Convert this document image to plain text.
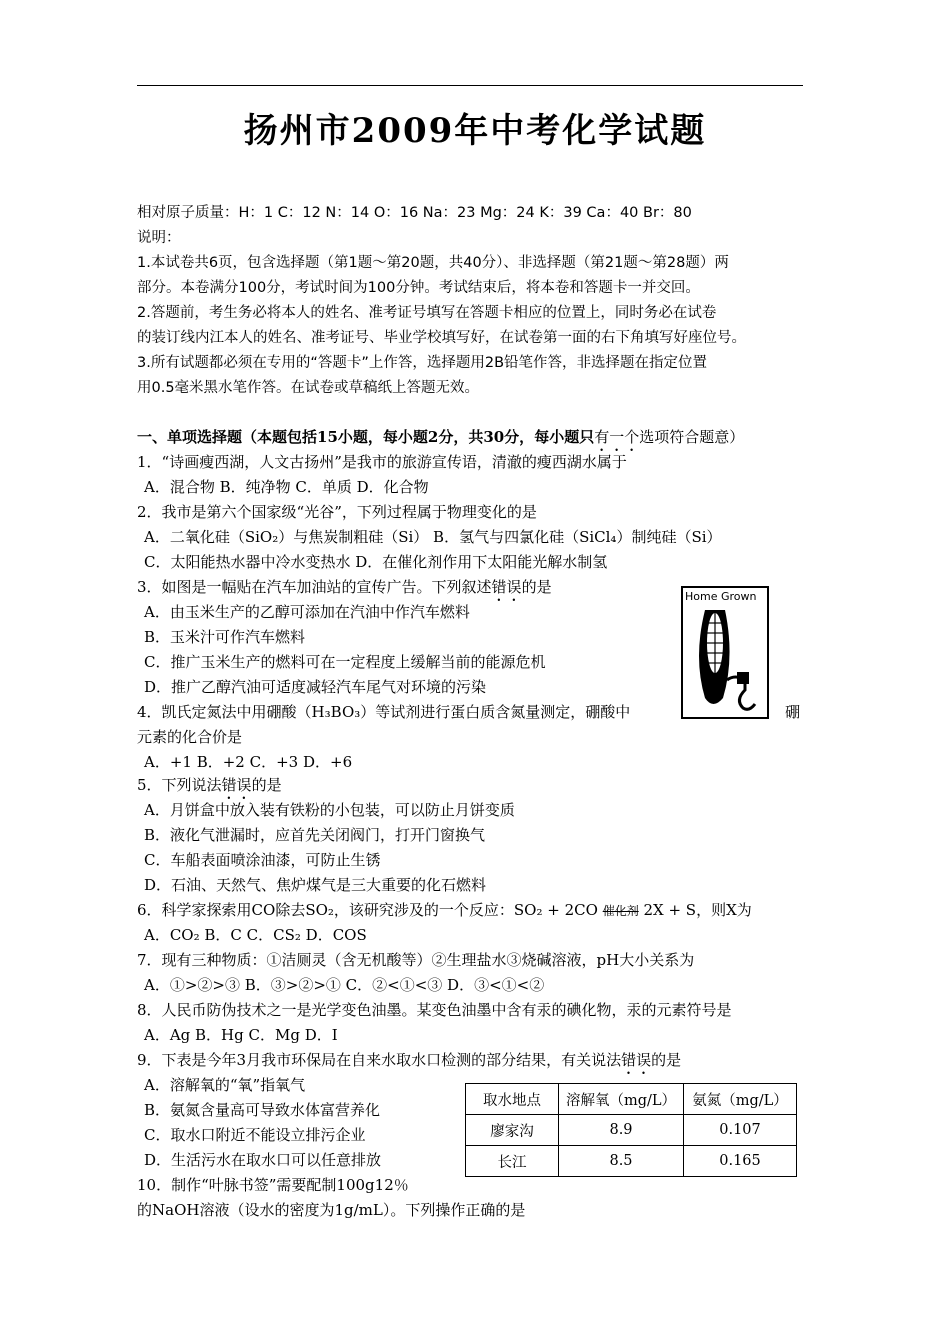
扬州市2009年中考化学试题
相对原子质量：H：1 C：12 N：14 O：16 Na：23 Mg：24 K：39 Ca：40 Br：80
说明：
1.本试卷共6页，包含选择题（第1题～第20题，共40分）、非选择题（第21题～第28题）两
部分。本卷满分100分，考试时间为100分钟。考试结束后，将本卷和答题卡一并交回。
2.答题前，考生务必将本人的姓名、准考证号填写在答题卡相应的位置上，同时务必在试卷
的装订线内江本人的姓名、准考证号、毕业学校填写好，在试卷第一面的右下角填写好座位号。
3.所有试题都必须在专用的“答题卡”上作答，选择题用2B铅笔作答，非选择题在指定位置
用0.5毫米黑水笔作答。在试卷或草稿纸上答题无效。
一、单项选择题（本题包括15小题，每小题2分，共30分，每小题只有一个选项符合题意）
1．“诗画瘦西湖，人文古扬州”是我市的旅游宣传语，清澈的瘦西湖水属于
A．混合物 B．纯净物 C．单质 D．化合物
2．我市是第六个国家级“光谷”，下列过程属于物理变化的是
A．二氧化硅（SiO₂）与焦炭制粗硅（Si） B．氢气与四氯化硅（SiCl₄）制纯硅（Si）
C．太阳能热水器中冷水变热水 D．在催化剂作用下太阳能光解水制氢
3．如图是一幅贴在汽车加油站的宣传广告。下列叙述错误的是
A．由玉米生产的乙醇可添加在汽油中作汽车燃料
B．玉米汁可作汽车燃料
C．推广玉米生产的燃料可在一定程度上缓解当前的能源危机
D．推广乙醇汽油可适度减轻汽车尾气对环境的污染
Home Grown
4．凯氏定氮法中用硼酸（H₃BO₃）等试剂进行蛋白质含氮量测定，硼酸中	硼
元素的化合价是
A．+1 B．+2 C．+3 D．+6
5．下列说法错误的是
A．月饼盒中放入装有铁粉的小包装，可以防止月饼变质
B．液化气泄漏时，应首先关闭阀门，打开门窗换气
C．车船表面喷涂油漆，可防止生锈
D．石油、天然气、焦炉煤气是三大重要的化石燃料
6．科学家探索用CO除去SO₂，该研究涉及的一个反应：SO₂ + 2CO 催化剂 2X + S，则X为
A．CO₂ B．C C．CS₂ D．COS
7．现有三种物质：①洁厕灵（含无机酸等）②生理盐水③烧碱溶液，pH大小关系为
A．①>②>③ B．③>②>① C．②<①<③ D．③<①<②
8．人民币防伪技术之一是光学变色油墨。某变色油墨中含有汞的碘化物，汞的元素符号是
A．Ag B．Hg C．Mg D．I
9．下表是今年3月我市环保局在自来水取水口检测的部分结果，有关说法错误的是
A．溶解氧的“氧”指氧气
B．氨氮含量高可导致水体富营养化
C．取水口附近不能设立排污企业
D．生活污水在取水口可以任意排放
取水地点	溶解氧（mg/L）	氨氮（mg/L）
廖家沟	8.9	0.107
长江	8.5	0.165
10．制作“叶脉书签”需要配制100g12％
的NaOH溶液（设水的密度为1g/mL）。下列操作正确的是
